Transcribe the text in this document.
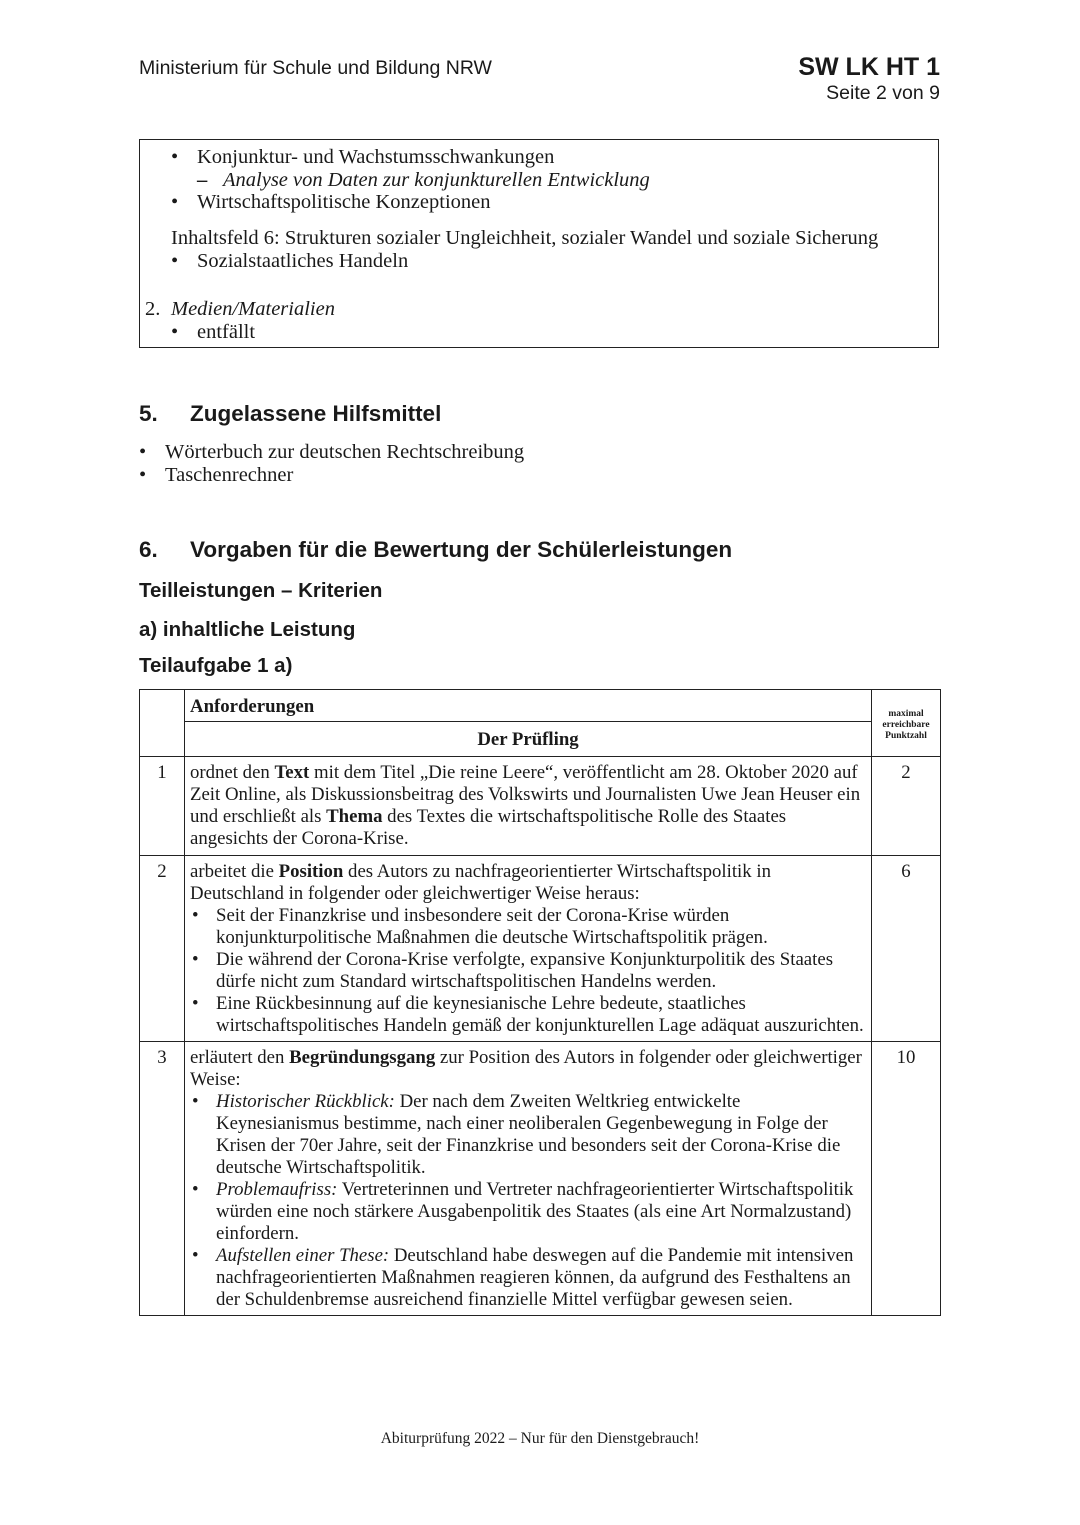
Ministerium für Schule und Bildung NRW	SW LK HT 1
Seite 2 von 9
• Konjunktur- und Wachstumsschwankungen
– Analyse von Daten zur konjunkturellen Entwicklung
• Wirtschaftspolitische Konzeptionen
Inhaltsfeld 6: Strukturen sozialer Ungleichheit, sozialer Wandel und soziale Sicherung
• Sozialstaatliches Handeln
2. Medien/Materialien
• entfällt
5. Zugelassene Hilfsmittel
• Wörterbuch zur deutschen Rechtschreibung
• Taschenrechner
6. Vorgaben für die Bewertung der Schülerleistungen
Teilleistungen – Kriterien
a) inhaltliche Leistung
Teilaufgabe 1 a)
	Anforderungen	maximal
erreichbare
Punktzahl

	Der Prüfling	
1	ordnet den Text mit dem Titel „Die reine Leere“, veröffentlicht am 28. Oktober 2020 auf Zeit Online, als Diskussionsbeitrag des Volkswirts und Journalisten Uwe Jean Heuser ein und erschließt als Thema des Textes die wirtschaftspolitische Rolle des Staates angesichts der Corona-Krise.	2
2	arbeitet die Position des Autors zu nachfrageorientierter Wirtschaftspolitik in Deutschland in folgender oder gleichwertiger Weise heraus:
• Seit der Finanzkrise und insbesondere seit der Corona-Krise würden konjunkturpolitische Maßnahmen die deutsche Wirtschaftspolitik prägen.
• Die während der Corona-Krise verfolgte, expansive Konjunkturpolitik des Staates dürfe nicht zum Standard wirtschaftspolitischen Handelns werden.
• Eine Rückbesinnung auf die keynesianische Lehre bedeute, staatliches wirtschaftspolitisches Handeln gemäß der konjunkturellen Lage adäquat auszurichten.
	6
3	erläutert den Begründungsgang zur Position des Autors in folgender oder gleichwertiger Weise:
• Historischer Rückblick: Der nach dem Zweiten Weltkrieg entwickelte Keynesianismus bestimme, nach einer neoliberalen Gegenbewegung in Folge der Krisen der 70er Jahre, seit der Finanzkrise und besonders seit der Corona-Krise die deutsche Wirtschaftspolitik.
• Problemaufriss: Vertreterinnen und Vertreter nachfrageorientierter Wirtschaftspolitik würden eine noch stärkere Ausgabenpolitik des Staates (als eine Art Normalzustand) einfordern.
• Aufstellen einer These: Deutschland habe deswegen auf die Pandemie mit intensiven nachfrageorientierten Maßnahmen reagieren können, da aufgrund des Festhaltens an der Schuldenbremse ausreichend finanzielle Mittel verfügbar gewesen seien.
	10
Abiturprüfung 2022 – Nur für den Dienstgebrauch!
